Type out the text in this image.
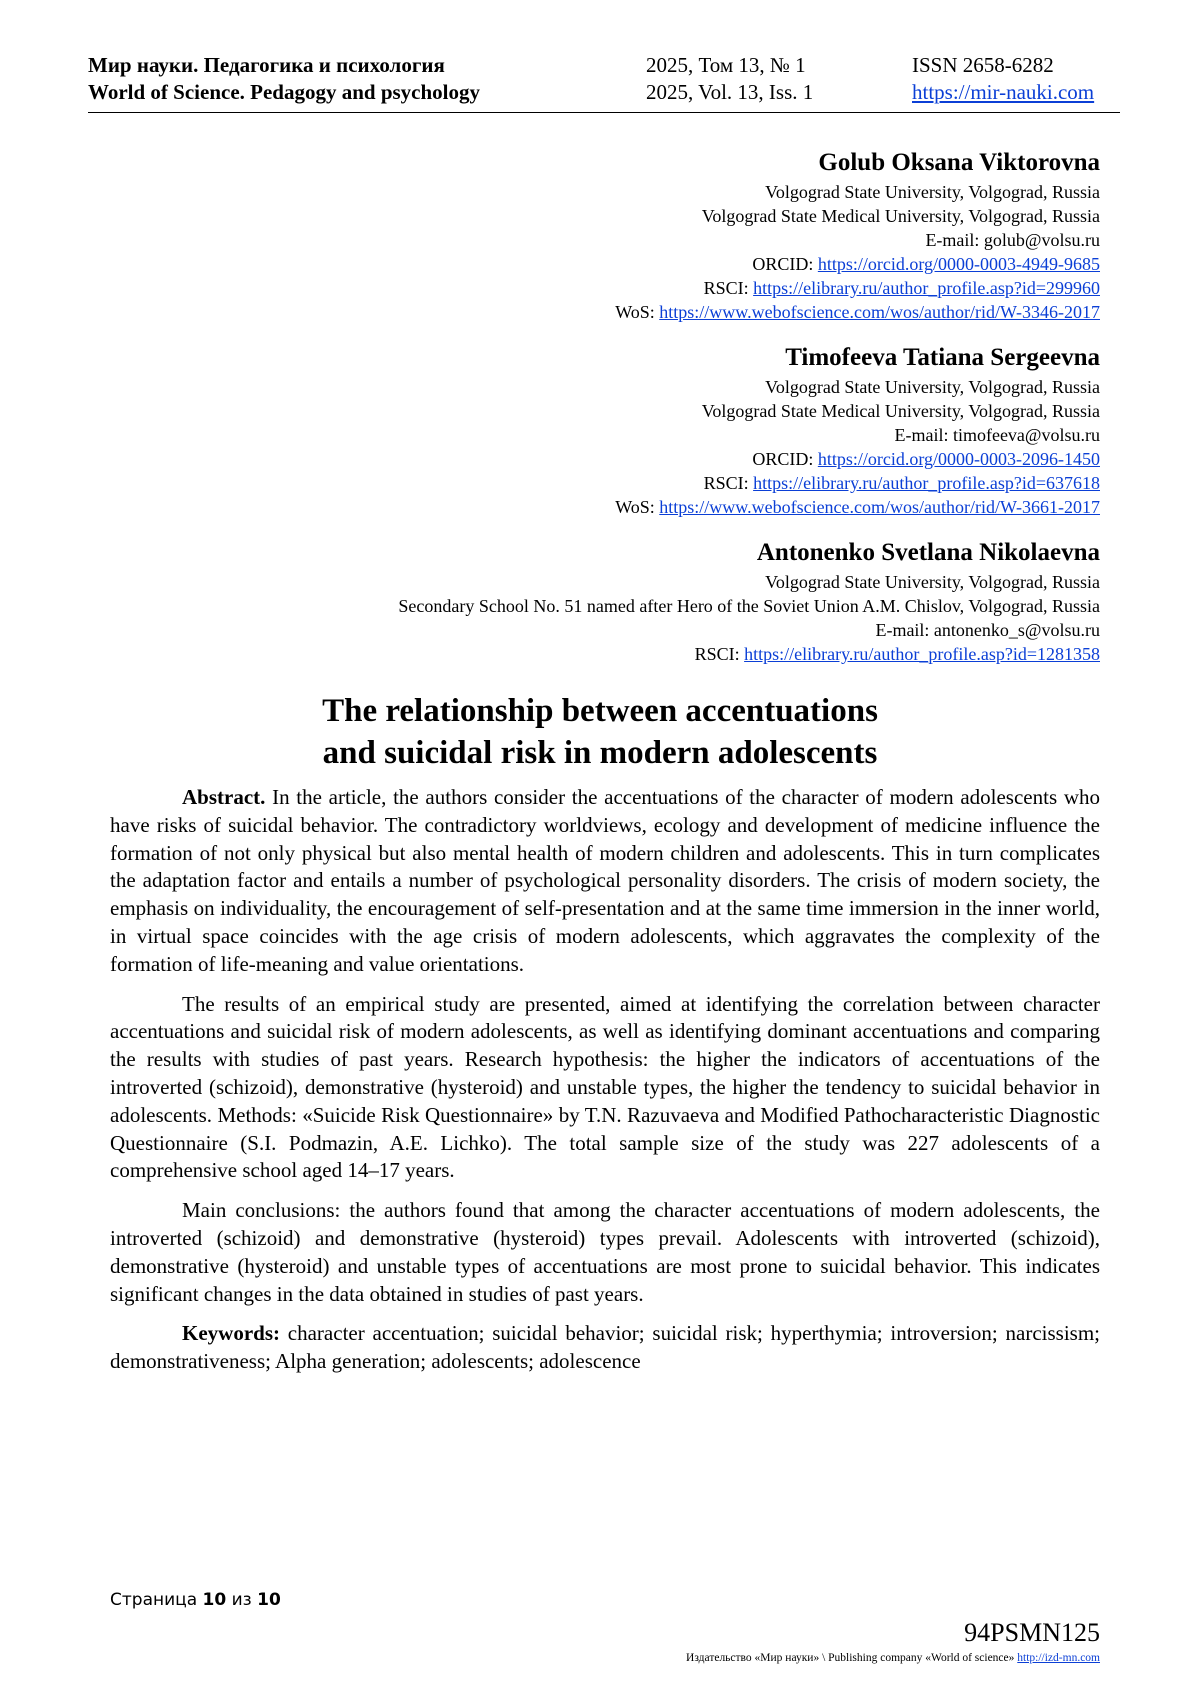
Мир науки. Педагогика и психология
World of Science. Pedagogy and psychology
2025, Том 13, № 1
2025, Vol. 13, Iss. 1
ISSN 2658-6282
https://mir-nauki.com
Golub Oksana Viktorovna
Volgograd State University, Volgograd, Russia
Volgograd State Medical University, Volgograd, Russia
E-mail: golub@volsu.ru
ORCID: https://orcid.org/0000-0003-4949-9685
RSCI: https://elibrary.ru/author_profile.asp?id=299960
WoS: https://www.webofscience.com/wos/author/rid/W-3346-2017
Timofeeva Tatiana Sergeevna
Volgograd State University, Volgograd, Russia
Volgograd State Medical University, Volgograd, Russia
E-mail: timofeeva@volsu.ru
ORCID: https://orcid.org/0000-0003-2096-1450
RSCI: https://elibrary.ru/author_profile.asp?id=637618
WoS: https://www.webofscience.com/wos/author/rid/W-3661-2017
Antonenko Svetlana Nikolaevna
Volgograd State University, Volgograd, Russia
Secondary School No. 51 named after Hero of the Soviet Union A.M. Chislov, Volgograd, Russia
E-mail: antonenko_s@volsu.ru
RSCI: https://elibrary.ru/author_profile.asp?id=1281358
The relationship between accentuations
and suicidal risk in modern adolescents

Abstract. In the article, the authors consider the accentuations of the character of modern adolescents who have risks of suicidal behavior. The contradictory worldviews, ecology and development of medicine influence the formation of not only physical but also mental health of modern children and adolescents. This in turn complicates the adaptation factor and entails a number of psychological personality disorders. The crisis of modern society, the emphasis on individuality, the encouragement of self-presentation and at the same time immersion in the inner world, in virtual space coincides with the age crisis of modern adolescents, which aggravates the complexity of the formation of life-meaning and value orientations.

The results of an empirical study are presented, aimed at identifying the correlation between character accentuations and suicidal risk of modern adolescents, as well as identifying dominant accentuations and comparing the results with studies of past years. Research hypothesis: the higher the indicators of accentuations of the introverted (schizoid), demonstrative (hysteroid) and unstable types, the higher the tendency to suicidal behavior in adolescents. Methods: «Suicide Risk Questionnaire» by T.N. Razuvaeva and Modified Pathocharacteristic Diagnostic Questionnaire (S.I. Podmazin, A.E. Lichko). The total sample size of the study was 227 adolescents of a comprehensive school aged 14–17 years.

Main conclusions: the authors found that among the character accentuations of modern adolescents, the introverted (schizoid) and demonstrative (hysteroid) types prevail. Adolescents with introverted (schizoid), demonstrative (hysteroid) and unstable types of accentuations are most prone to suicidal behavior. This indicates significant changes in the data obtained in studies of past years.

Keywords: character accentuation; suicidal behavior; suicidal risk; hyperthymia; introversion; narcissism; demonstrativeness; Alpha generation; adolescents; adolescence

Страница 10 из 10
94PSMN125
Издательство «Мир науки» \ Publishing company «World of science» http://izd-mn.com
